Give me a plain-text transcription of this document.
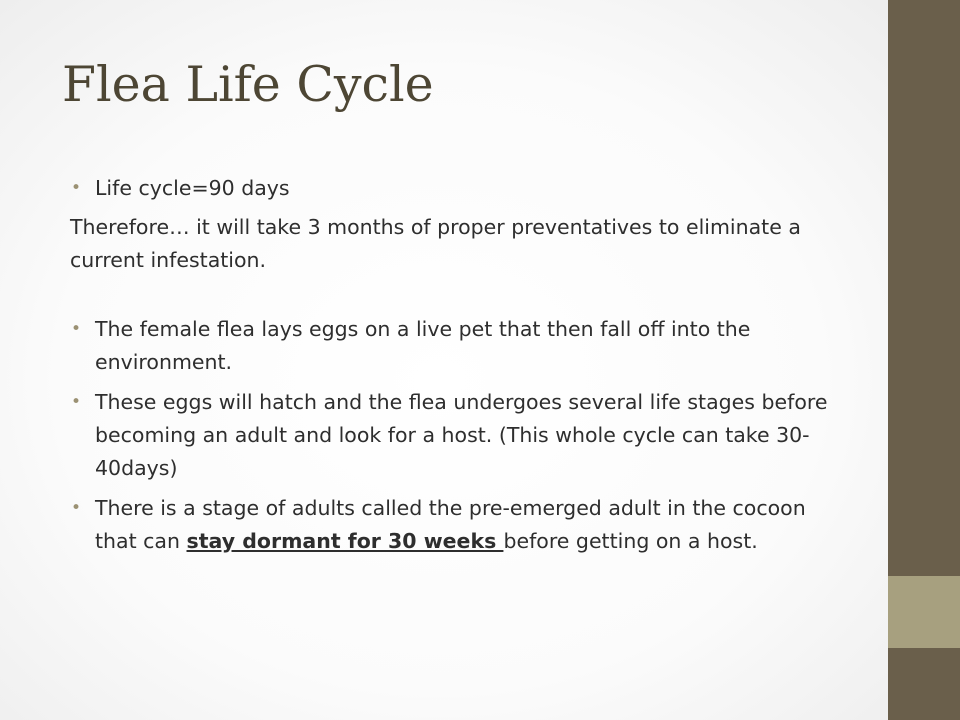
Flea Life Cycle
• Life cycle=90 days
Therefore… it will take 3 months of proper preventatives to eliminate a current infestation.
• The female flea lays eggs on a live pet that then fall off into the environment.
• These eggs will hatch and the flea undergoes several life stages before becoming an adult and look for a host. (This whole cycle can take 30-40days)
• There is a stage of adults called the pre-emerged adult in the cocoon that can stay dormant for 30 weeks before getting on a host.
